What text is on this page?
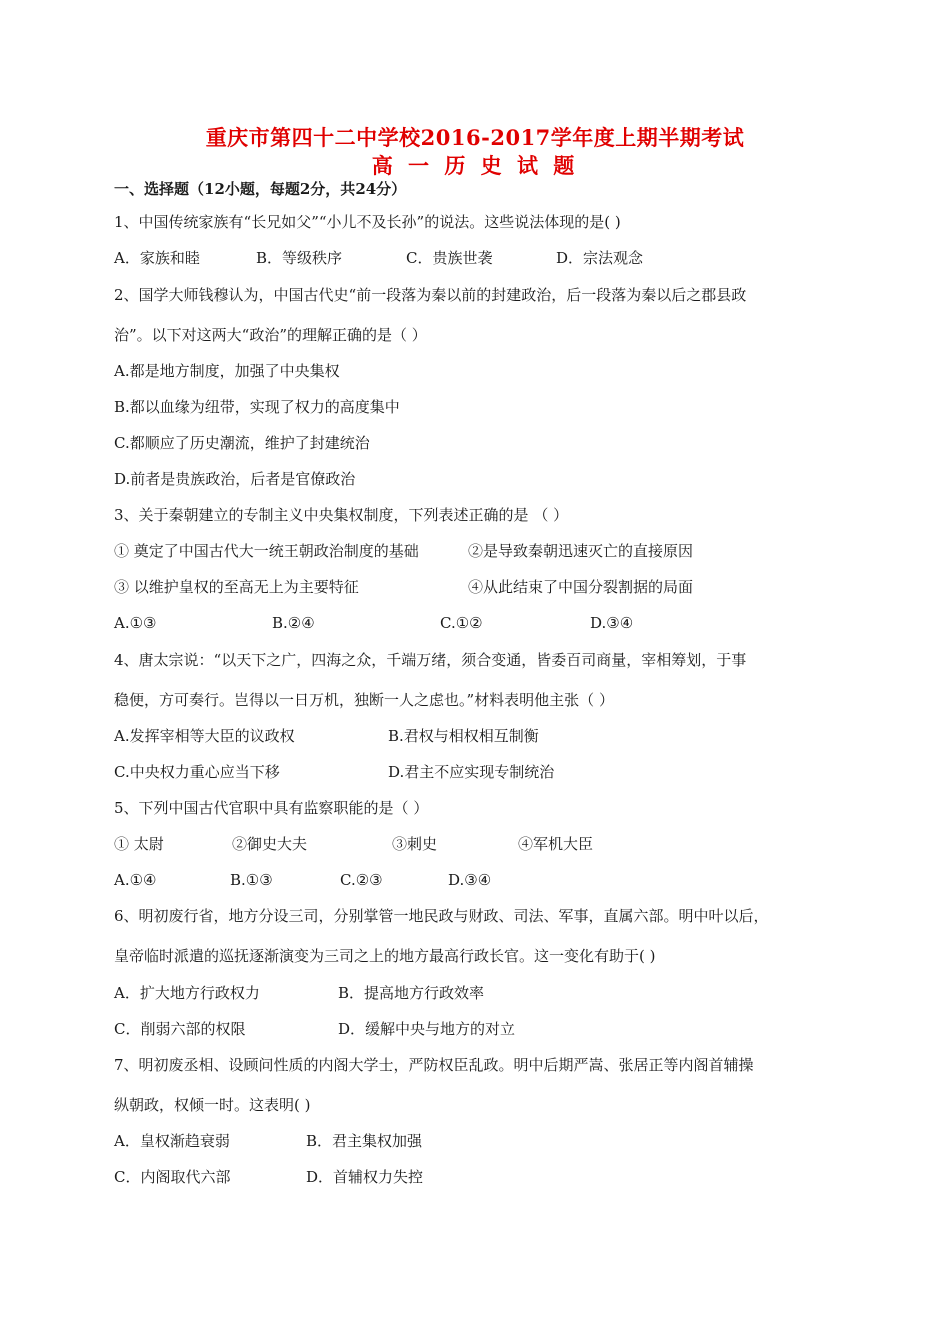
重庆市第四十二中学校2016-2017学年度上期半期考试
高 一 历 史 试 题
一、选择题（12小题，每题2分，共24分）
1、中国传统家族有“长兄如父”“小儿不及长孙”的说法。这些说法体现的是( )
A．家族和睦	B．等级秩序	C．贵族世袭	D．宗法观念
2、国学大师钱穆认为，中国古代史“前一段落为秦以前的封建政治，后一段落为秦以后之郡县政
治”。以下对这两大“政治”的理解正确的是（ ）
A.都是地方制度，加强了中央集权
B.都以血缘为纽带，实现了权力的高度集中
C.都顺应了历史潮流，维护了封建统治
D.前者是贵族政治，后者是官僚政治
3、关于秦朝建立的专制主义中央集权制度，下列表述正确的是 （ ）
① 奠定了中国古代大一统王朝政治制度的基础	②是导致秦朝迅速灭亡的直接原因
③ 以维护皇权的至高无上为主要特征	④从此结束了中国分裂割据的局面
A.①③	B.②④	C.①②	D.③④
4、唐太宗说：“以天下之广，四海之众，千端万绪，须合变通，皆委百司商量，宰相筹划，于事
稳便，方可奏行。岂得以一日万机，独断一人之虑也。”材料表明他主张（ ）
A.发挥宰相等大臣的议政权	B.君权与相权相互制衡
C.中央权力重心应当下移	D.君主不应实现专制统治
5、下列中国古代官职中具有监察职能的是（ ）
① 太尉	②御史大夫	③刺史	④军机大臣
A.①④	B.①③	C.②③	D.③④
6、明初废行省，地方分设三司，分别掌管一地民政与财政、司法、军事，直属六部。明中叶以后，
皇帝临时派遣的巡抚逐渐演变为三司之上的地方最高行政长官。这一变化有助于( )
A．扩大地方行政权力	B．提高地方行政效率
C．削弱六部的权限	D．缓解中央与地方的对立
7、明初废丞相、设顾问性质的内阁大学士，严防权臣乱政。明中后期严嵩、张居正等内阁首辅操
纵朝政，权倾一时。这表明( )
A．皇权渐趋衰弱	B．君主集权加强
C．内阁取代六部	D．首辅权力失控
